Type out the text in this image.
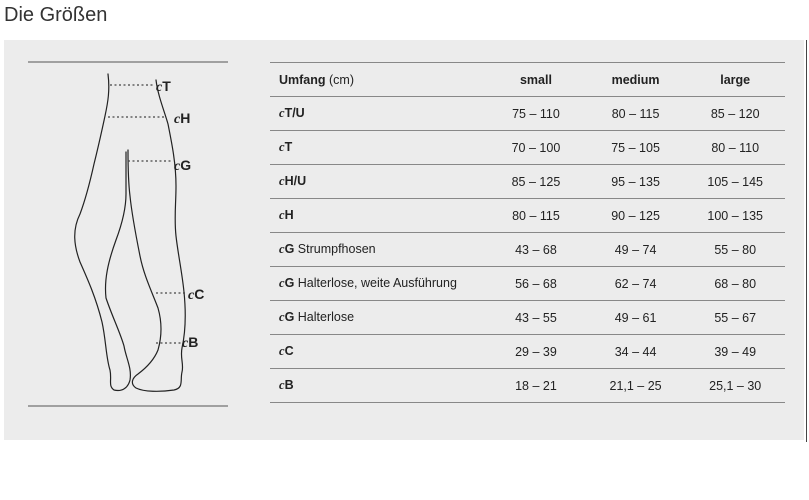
Die Größen
cT
cH
cG
cC
cB
Umfang (cm)	small	medium	large
cT/U	75 – 110	80 – 115	85 – 120
cT	70 – 100	75 – 105	80 – 110
cH/U	85 – 125	95 – 135	105 – 145
cH	80 – 115	90 – 125	100 – 135
cG Strumpfhosen	43 – 68	49 – 74	55 – 80
cG Halterlose, weite Ausführung	56 – 68	62 – 74	68 – 80
cG Halterlose	43 – 55	49 – 61	55 – 67
cC	29 – 39	34 – 44	39 – 49
cB	18 – 21	21,1 – 25	25,1 – 30
